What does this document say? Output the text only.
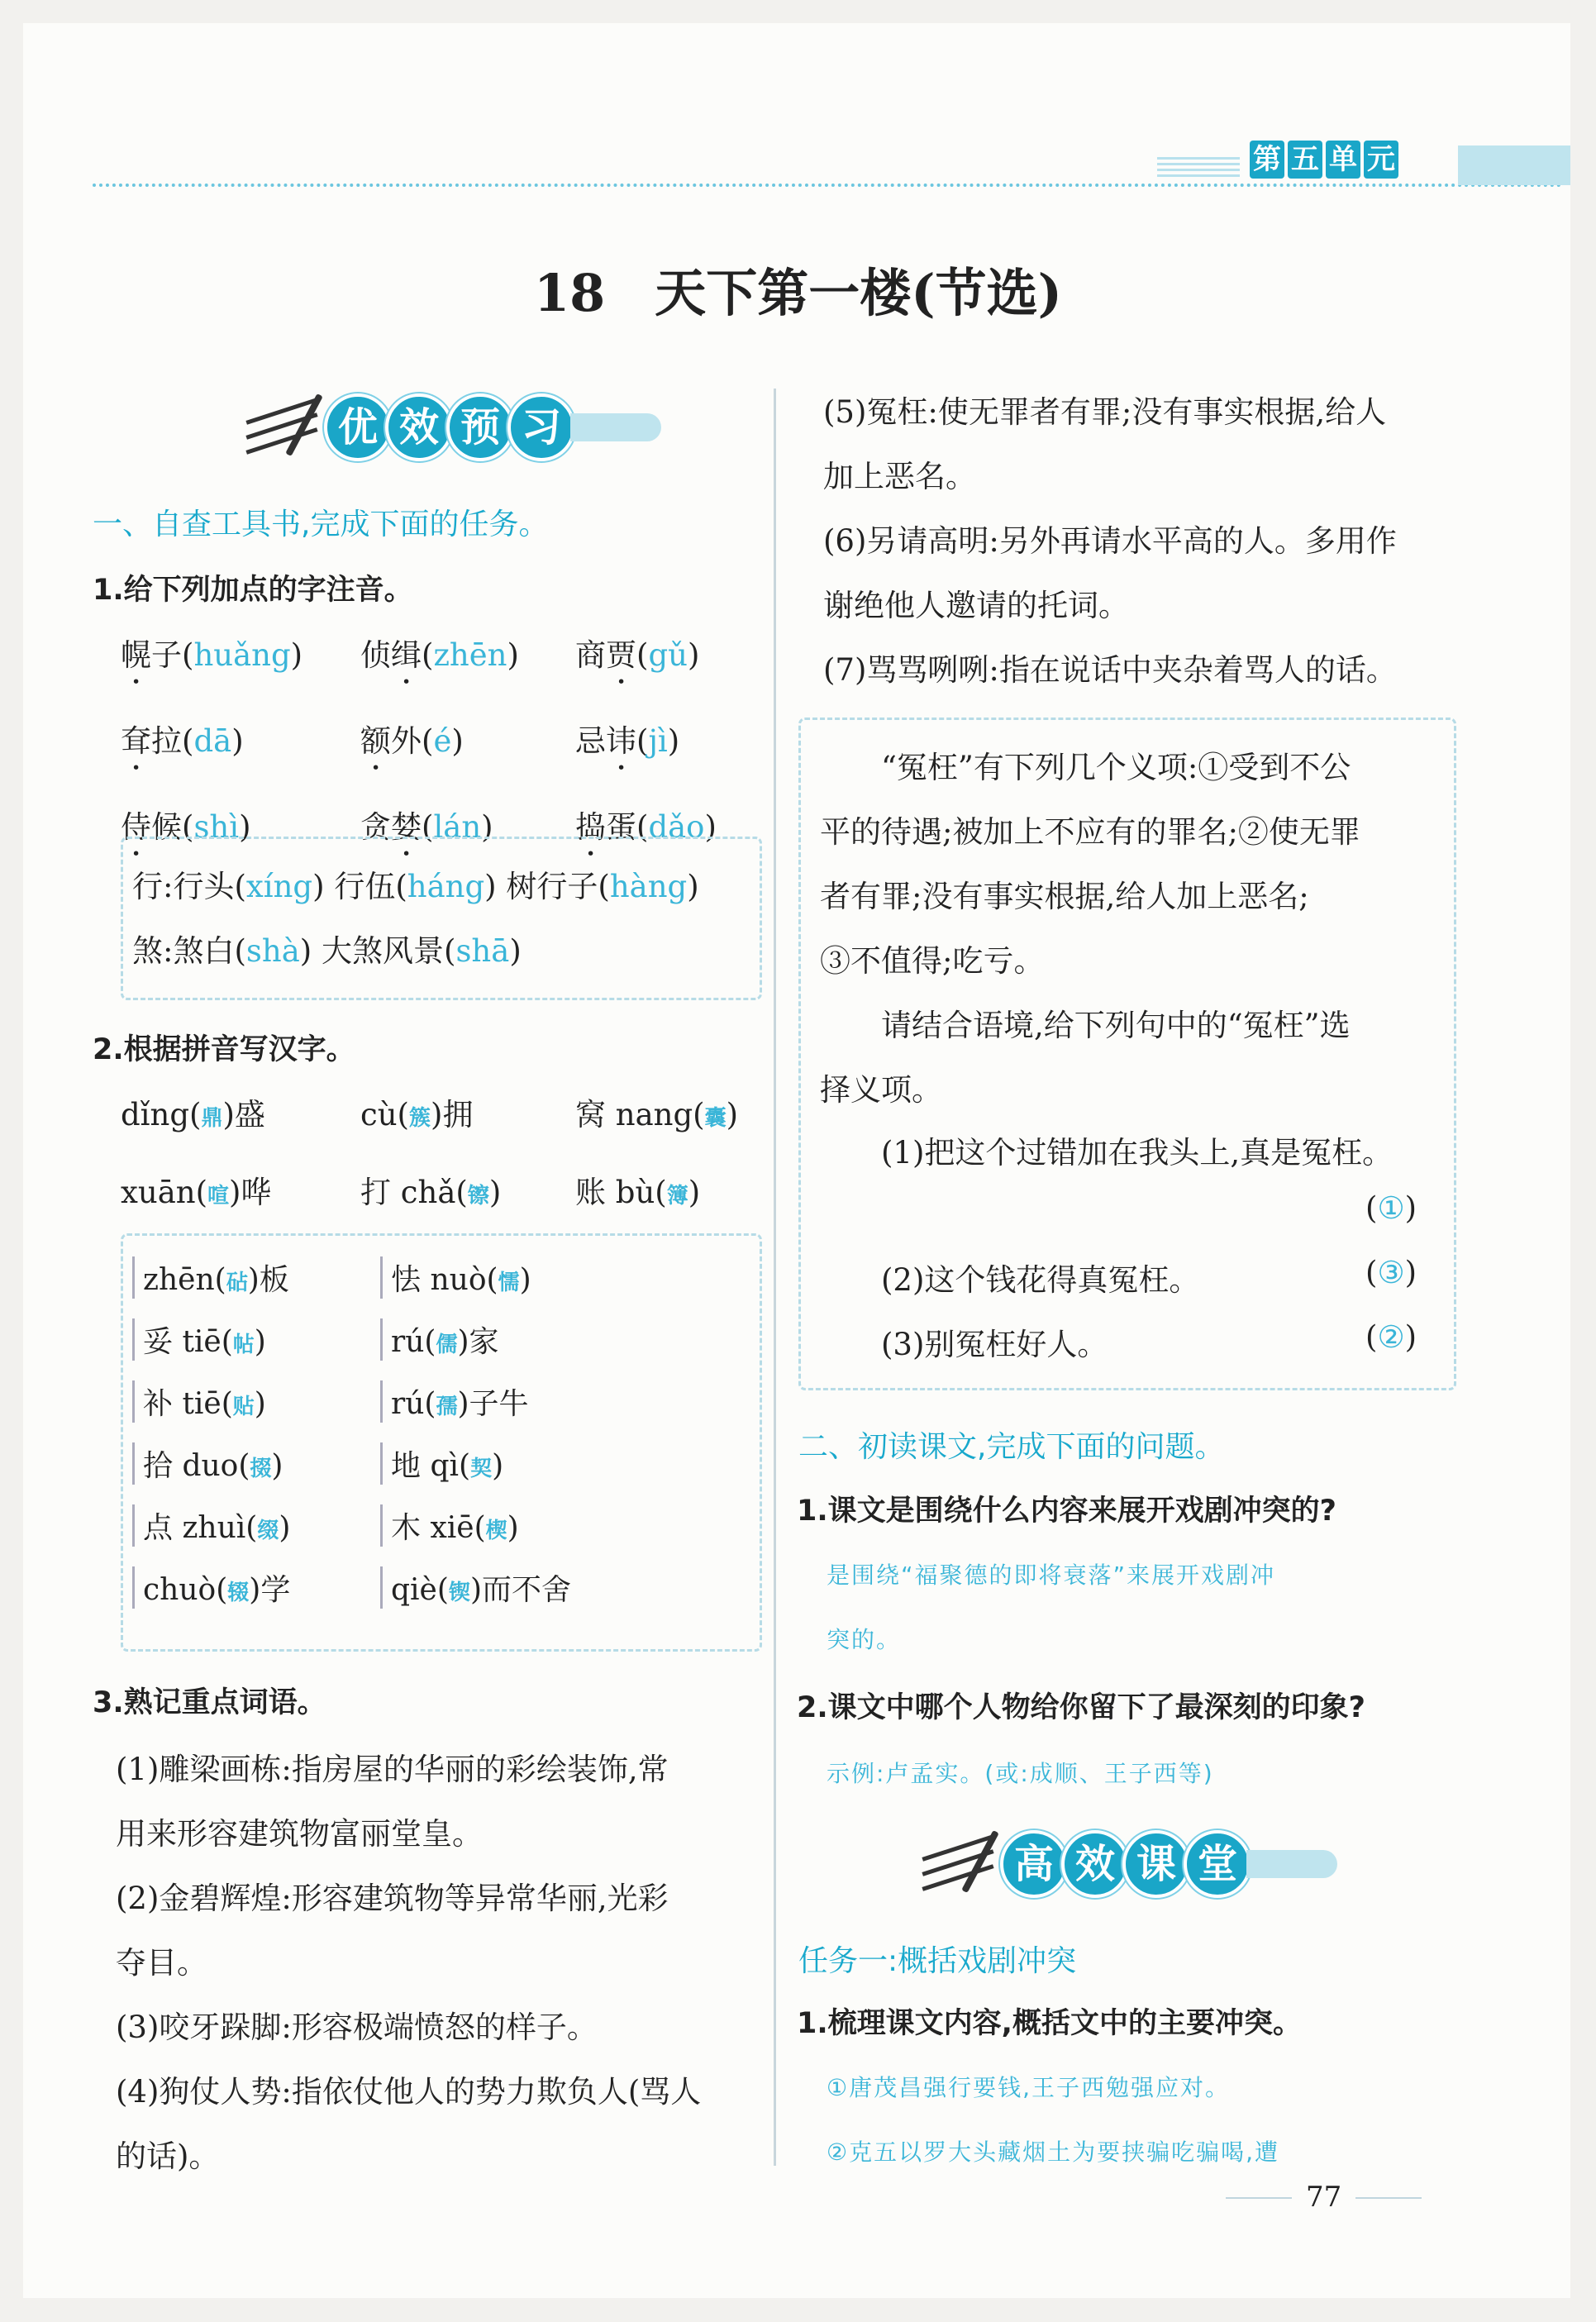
第 五 单 元
18 天下第一楼(节选)
优 效 预 习
一、自查工具书,完成下面的任务。
1.给下列加点的字注音。
幌子(huǎng)	侦缉(zhēn)	商贾(gǔ)
耷拉(dā)	额外(é)	忌讳(jì)
侍候(shì)	贪婪(lán)	捣蛋(dǎo)
行:行头(xíng) 行伍(háng) 树行子(hàng)
煞:煞白(shà) 大煞风景(shā)
2.根据拼音写汉字。
dǐng(鼎)盛	cù(簇)拥	窝 nang(囊)
xuān(喧)哗	打 chǎ(镲)	账 bù(簿)
zhēn(砧)板	怯 nuò(懦)
妥 tiē(帖)	rú(儒)家
补 tiē(贴)	rú(孺)子牛
拾 duo(掇)	地 qì(契)
点 zhuì(缀)	木 xiē(楔)
chuò(辍)学	qiè(锲)而不舍
3.熟记重点词语。
(1)雕梁画栋:指房屋的华丽的彩绘装饰,常
用来形容建筑物富丽堂皇。
(2)金碧辉煌:形容建筑物等异常华丽,光彩
夺目。
(3)咬牙跺脚:形容极端愤怒的样子。
(4)狗仗人势:指依仗他人的势力欺负人(骂人
的话)。
(5)冤枉:使无罪者有罪;没有事实根据,给人
加上恶名。
(6)另请高明:另外再请水平高的人。多用作
谢绝他人邀请的托词。
(7)骂骂咧咧:指在说话中夹杂着骂人的话。
“冤枉”有下列几个义项:①受到不公
平的待遇;被加上不应有的罪名;②使无罪
者有罪;没有事实根据,给人加上恶名;
③不值得;吃亏。
请结合语境,给下列句中的“冤枉”选
择义项。
(1)把这个过错加在我头上,真是冤枉。
(①)
(2)这个钱花得真冤枉。	(③)
(3)别冤枉好人。	(②)
二、初读课文,完成下面的问题。
1.课文是围绕什么内容来展开戏剧冲突的?
是围绕“福聚德的即将衰落”来展开戏剧冲
突的。
2.课文中哪个人物给你留下了最深刻的印象?
示例:卢孟实。(或:成顺、王子西等)
高 效 课 堂
任务一:概括戏剧冲突
1.梳理课文内容,概括文中的主要冲突。
①唐茂昌强行要钱,王子西勉强应对。
②克五以罗大头藏烟土为要挟骗吃骗喝,遭
77
